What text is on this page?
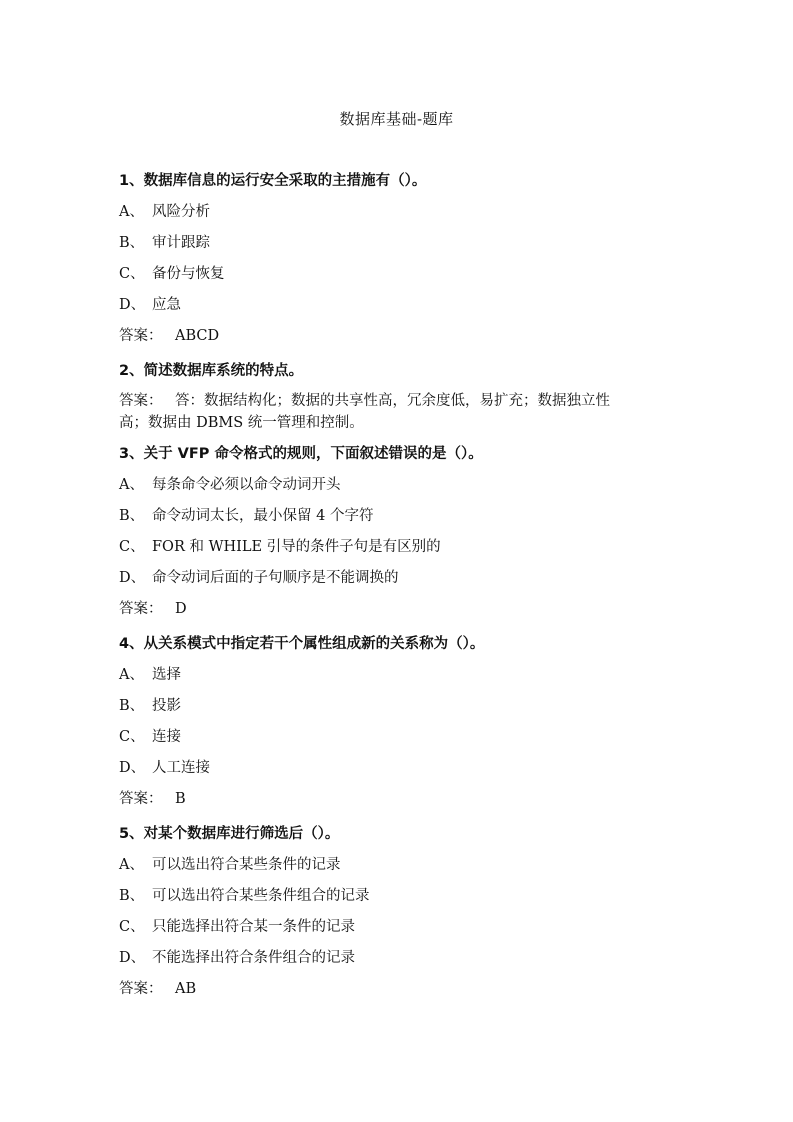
数据库基础-题库
1、数据库信息的运行安全采取的主措施有（）。
A、 风险分析
B、 审计跟踪
C、 备份与恢复
D、 应急
答案： ABCD
2、简述数据库系统的特点。
答案： 答：数据结构化；数据的共享性高，冗余度低，易扩充；数据独立性
高；数据由 DBMS 统一管理和控制。
3、关于 VFP 命令格式的规则，下面叙述错误的是（）。
A、 每条命令必须以命令动词开头
B、 命令动词太长，最小保留 4 个字符
C、 FOR 和 WHILE 引导的条件子句是有区别的
D、 命令动词后面的子句顺序是不能调换的
答案： D
4、从关系模式中指定若干个属性组成新的关系称为（）。
A、 选择
B、 投影
C、 连接
D、 人工连接
答案： B
5、对某个数据库进行筛选后（）。
A、 可以选出符合某些条件的记录
B、 可以选出符合某些条件组合的记录
C、 只能选择出符合某一条件的记录
D、 不能选择出符合条件组合的记录
答案： AB
